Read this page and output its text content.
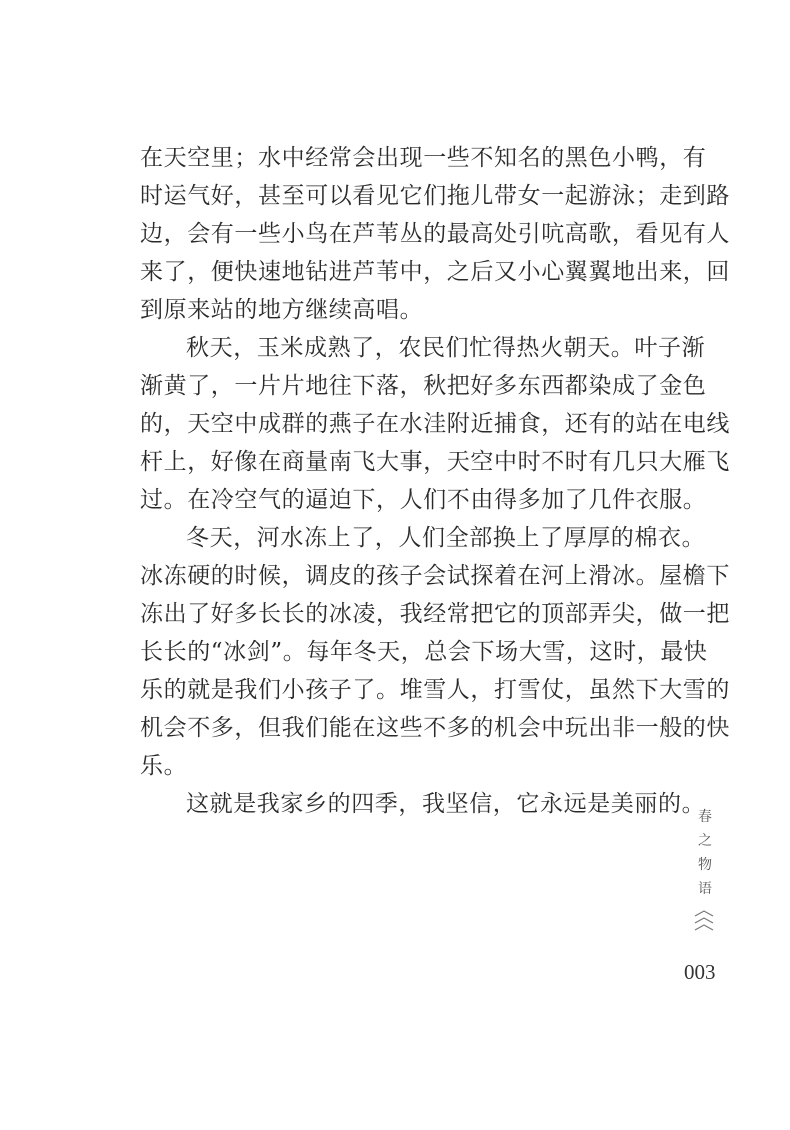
在天空里；水中经常会出现一些不知名的黑色小鸭，有
时运气好，甚至可以看见它们拖儿带女一起游泳；走到路
边，会有一些小鸟在芦苇丛的最高处引吭高歌，看见有人
来了，便快速地钻进芦苇中，之后又小心翼翼地出来，回
到原来站的地方继续高唱。
秋天，玉米成熟了，农民们忙得热火朝天。叶子渐
渐黄了，一片片地往下落，秋把好多东西都染成了金色
的，天空中成群的燕子在水洼附近捕食，还有的站在电线
杆上，好像在商量南飞大事，天空中时不时有几只大雁飞
过。在冷空气的逼迫下，人们不由得多加了几件衣服。
冬天，河水冻上了，人们全部换上了厚厚的棉衣。
冰冻硬的时候，调皮的孩子会试探着在河上滑冰。屋檐下
冻出了好多长长的冰凌，我经常把它的顶部弄尖，做一把
长长的“冰剑”。每年冬天，总会下场大雪，这时，最快
乐的就是我们小孩子了。堆雪人，打雪仗，虽然下大雪的
机会不多，但我们能在这些不多的机会中玩出非一般的快
乐。
这就是我家乡的四季，我坚信，它永远是美丽的。
春
之
物
语
003
